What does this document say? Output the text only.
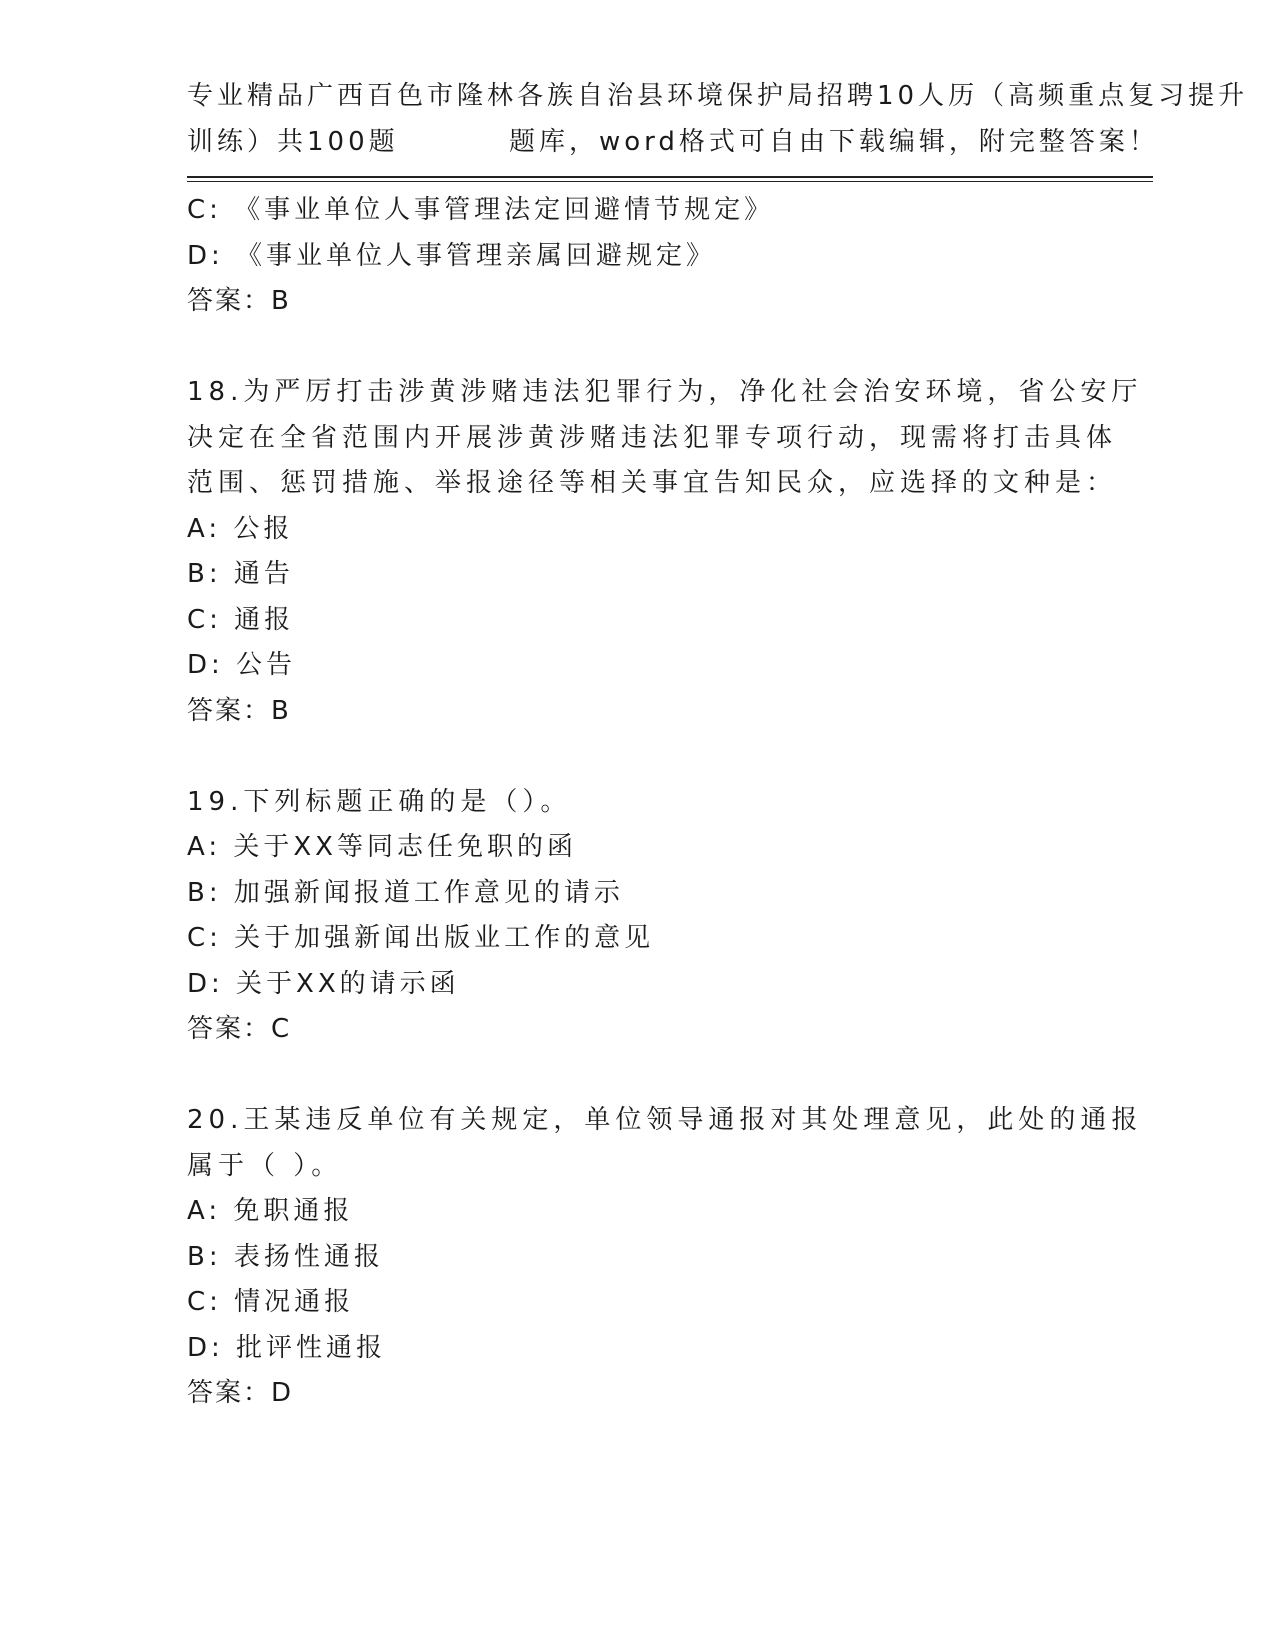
专业精品广西百色市隆林各族自治县环境保护局招聘10人历（高频重点复习提升
训练）共100题         题库，word格式可自由下载编辑，附完整答案！
C: 《事业单位人事管理法定回避情节规定》
D: 《事业单位人事管理亲属回避规定》
答案：B
18.为严厉打击涉黄涉赌违法犯罪行为，净化社会治安环境，省公安厅
决定在全省范围内开展涉黄涉赌违法犯罪专项行动，现需将打击具体
范围、惩罚措施、举报途径等相关事宜告知民众，应选择的文种是：
A: 公报
B: 通告
C: 通报
D: 公告
答案：B
19.下列标题正确的是（）。
A: 关于XX等同志任免职的函
B: 加强新闻报道工作意见的请示
C: 关于加强新闻出版业工作的意见
D: 关于XX的请示函
答案：C
20.王某违反单位有关规定，单位领导通报对其处理意见，此处的通报
属于（ ）。
A: 免职通报
B: 表扬性通报
C: 情况通报
D: 批评性通报
答案：D
